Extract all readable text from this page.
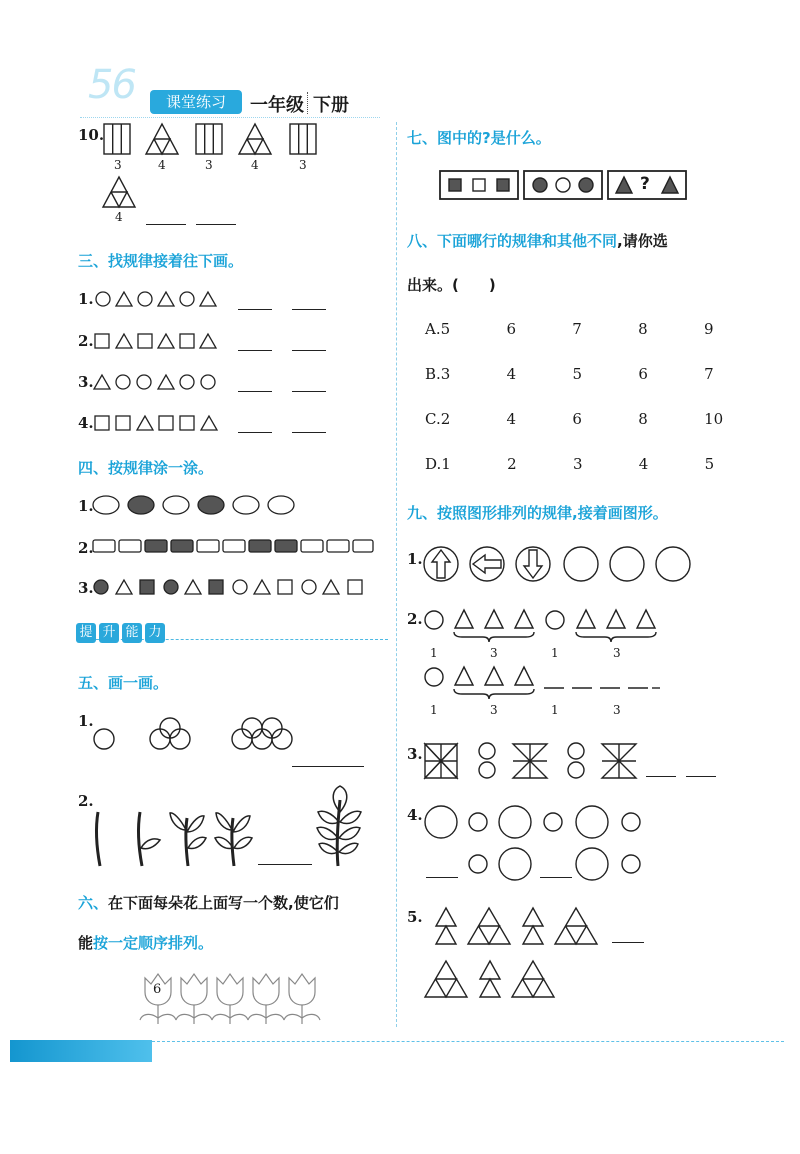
56	课堂练习	一年级 下册
10.
3	4	3	4	3
4
三、找规律接着往下画。
1.
2.
3.
4.
四、按规律涂一涂。
1.
2.
3.
提 升 能 力
五、画一画。
1.
2.
六、在下面每朵花上面写一个数,使它们
能按一定顺序排列。
6
七、图中的?是什么。
?
八、下面哪行的规律和其他不同,请你选
出来。(　　)
A.5   6   7   8   9
B.3   4   5   6   7
C.2   4   6   8   10
D.1   2   3   4   5
九、按照图形排列的规律,接着画图形。
1.
2.
3.
4.
5.
1	3	1	3
1	3	1	3
